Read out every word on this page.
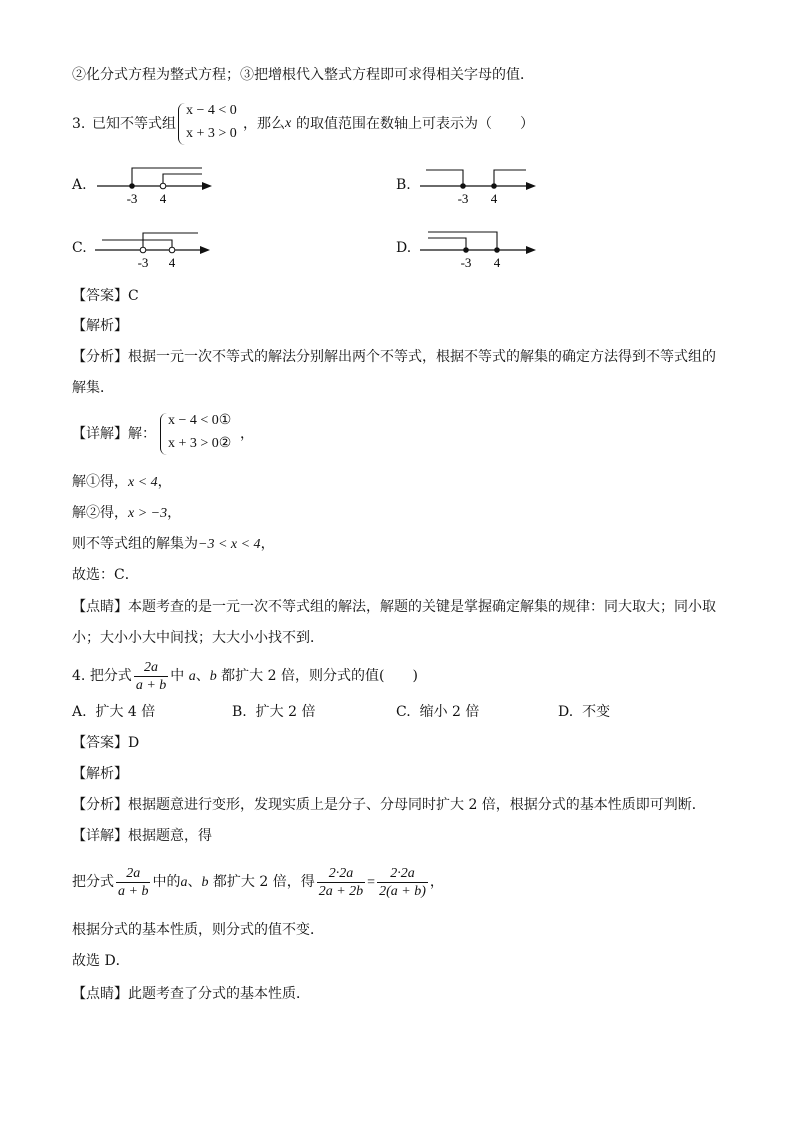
②化分式方程为整式方程；③把增根代入整式方程即可求得相关字母的值．
3. 已知不等式组
x − 4 < 0
x + 3 > 0
，那么 x 的取值范围在数轴上可表示为（　　）
A.
-3 4
B.
-3 4
C.
-3 4
D.
-3 4
【答案】C
【解析】
【分析】根据一元一次不等式的解法分别解出两个不等式，根据不等式的解集的确定方法得到不等式组的
解集．
【详解】 解：
x − 4 < 0①
x + 3 > 0②
，
解①得，x < 4，
解②得，x > −3，
则不等式组的解集为−3 < x < 4，
故选：C．
【点睛】本题考查的是一元一次不等式组的解法，解题的关键是掌握确定解集的规律：同大取大；同小取
小；大小小大中间找；大大小小找不到．
4. 把分式 $\frac{2a}{a + b}$ 中 a、b 都扩大 2 倍，则分式的值(　　)
A. 扩大 4 倍	B. 扩大 2 倍	C. 缩小 2 倍	D. 不变
【答案】D
【解析】
【分析】根据题意进行变形，发现实质上是分子、分母同时扩大 2 倍，根据分式的基本性质即可判断．
【详解】根据题意，得
把分式 $\frac{2a}{a + b}$ 中的a、b 都扩大 2 倍，得 $\frac{2\cdot 2a}{2a + 2b} = \frac{2\cdot 2a}{2(a + b)}$ ，
根据分式的基本性质，则分式的值不变．
故选 D．
【点睛】此题考查了分式的基本性质．
